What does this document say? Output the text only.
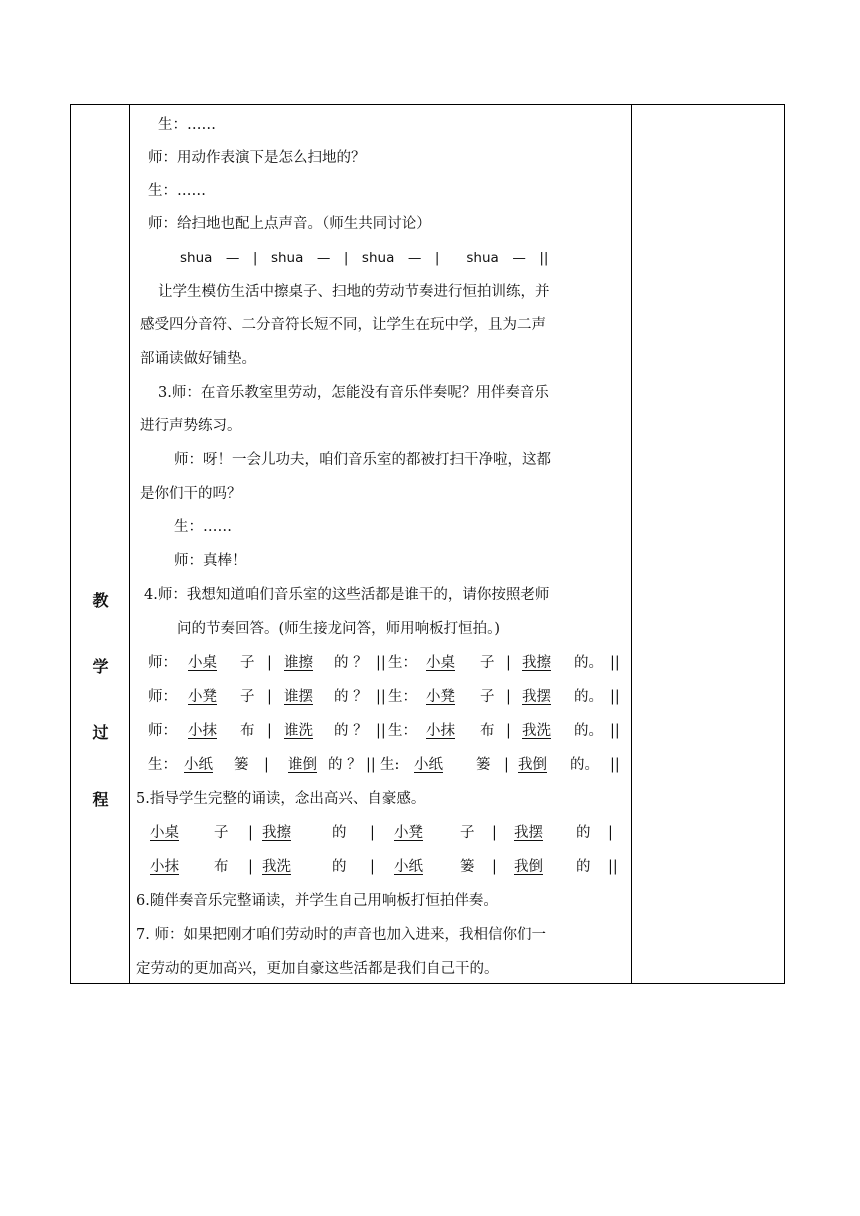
教
学
过
程
生：……
师：用动作表演下是怎么扫地的？
生：……
师：给扫地也配上点声音。（师生共同讨论）
shua　—　|　shua　—　|　shua　—　|　　shua　—　||
让学生模仿生活中擦桌子、扫地的劳动节奏进行恒拍训练，并
感受四分音符、二分音符长短不同，让学生在玩中学，且为二声
部诵读做好铺垫。
3.师：在音乐教室里劳动，怎能没有音乐伴奏呢？用伴奏音乐
进行声势练习。
师：呀！一会儿功夫，咱们音乐室的都被打扫干净啦，这都
是你们干的吗？
生：……
师：真棒！
4.师：我想知道咱们音乐室的这些活都是谁干的，请你按照老师
问的节奏回答。(师生接龙问答，师用响板打恒拍。)
师： 小桌 子 | 谁擦 的 ？ || 生： 小桌 子 | 我擦 的。 ||
师： 小凳 子 | 谁摆 的 ？ || 生： 小凳 子 | 我摆 的。 ||
师： 小抹 布 | 谁洗 的 ？ || 生： 小抹 布 | 我洗 的。 ||
生： 小纸 篓 | 谁倒 的 ？ || 生: 小纸 篓 | 我倒 的。 ||
5.指导学生完整的诵读，念出高兴、自豪感。
小桌 子 | 我擦	的 | 小凳	子 | 我摆 的 |
小抹 布 | 我洗	的 | 小纸	篓 | 我倒 的 ||
6.随伴奏音乐完整诵读，并学生自己用响板打恒拍伴奏。
7. 师：如果把刚才咱们劳动时的声音也加入进来，我相信你们一
定劳动的更加高兴，更加自豪这些活都是我们自己干的。
